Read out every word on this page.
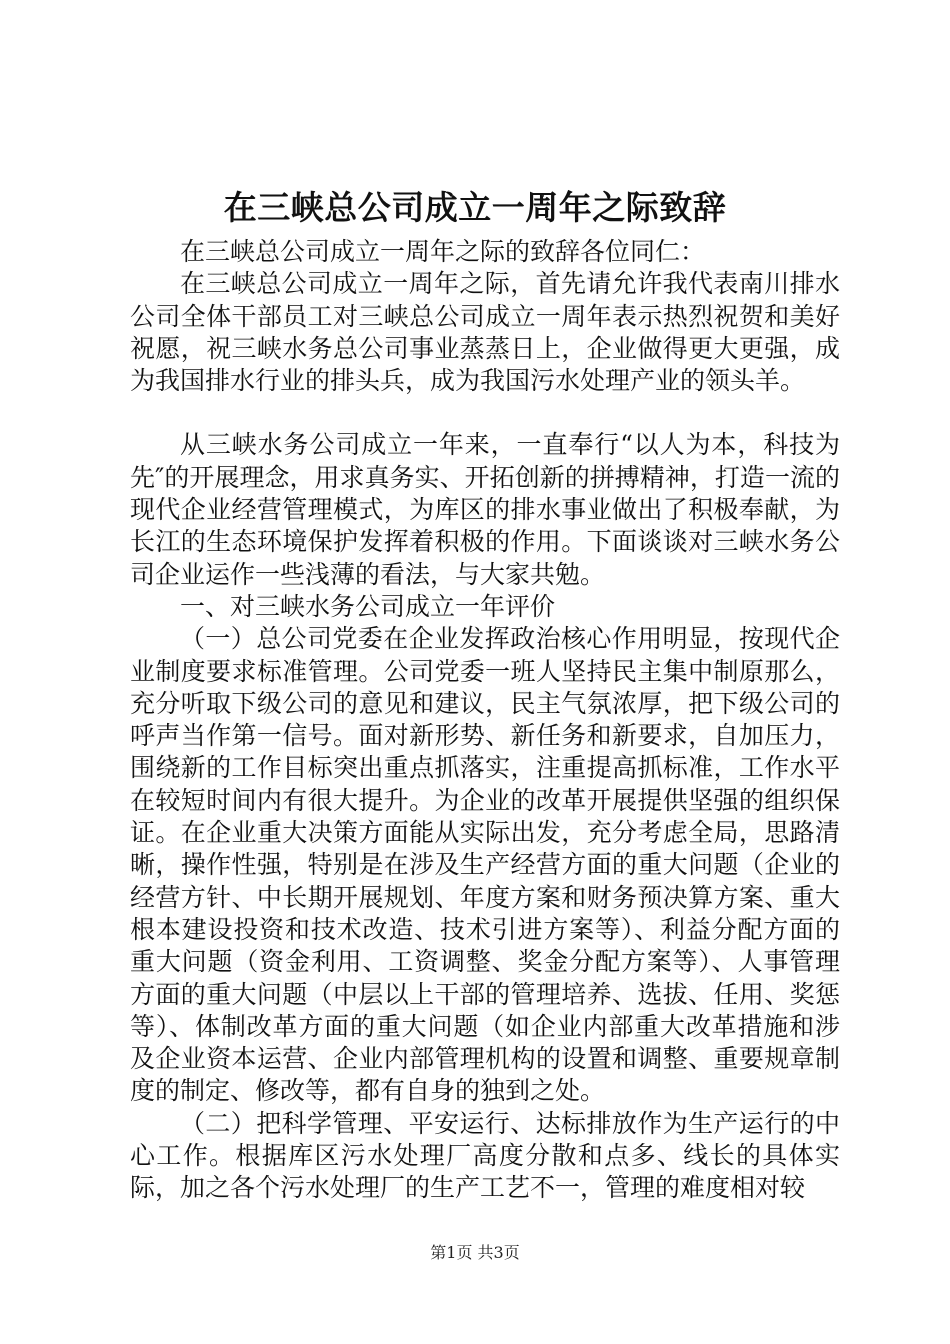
在三峡总公司成立一周年之际致辞

在三峡总公司成立一周年之际的致辞各位同仁：

在三峡总公司成立一周年之际，首先请允许我代表南川排水公司全体干部员工对三峡总公司成立一周年表示热烈祝贺和美好祝愿，祝三峡水务总公司事业蒸蒸日上，企业做得更大更强，成为我国排水行业的排头兵，成为我国污水处理产业的领头羊。

从三峡水务公司成立一年来，一直奉行“以人为本，科技为先″的开展理念，用求真务实、开拓创新的拼搏精神，打造一流的现代企业经营管理模式，为库区的排水事业做出了积极奉献，为长江的生态环境保护发挥着积极的作用。下面谈谈对三峡水务公司企业运作一些浅薄的看法，与大家共勉。

一、对三峡水务公司成立一年评价

（一）总公司党委在企业发挥政治核心作用明显，按现代企业制度要求标准管理。公司党委一班人坚持民主集中制原那么，充分听取下级公司的意见和建议，民主气氛浓厚，把下级公司的呼声当作第一信号。面对新形势、新任务和新要求，自加压力，围绕新的工作目标突出重点抓落实，注重提高抓标准，工作水平在较短时间内有很大提升。为企业的改革开展提供坚强的组织保证。在企业重大决策方面能从实际出发，充分考虑全局，思路清晰，操作性强，特别是在涉及生产经营方面的重大问题（企业的经营方针、中长期开展规划、年度方案和财务预决算方案、重大根本建设投资和技术改造、技术引进方案等）、利益分配方面的重大问题（资金利用、工资调整、奖金分配方案等）、人事管理方面的重大问题（中层以上干部的管理培养、选拔、任用、奖惩等）、体制改革方面的重大问题（如企业内部重大改革措施和涉及企业资本运营、企业内部管理机构的设置和调整、重要规章制度的制定、修改等，都有自身的独到之处。

（二）把科学管理、平安运行、达标排放作为生产运行的中心工作。根据库区污水处理厂高度分散和点多、线长的具体实际，加之各个污水处理厂的生产工艺不一，管理的难度相对较

第1页 共3页
